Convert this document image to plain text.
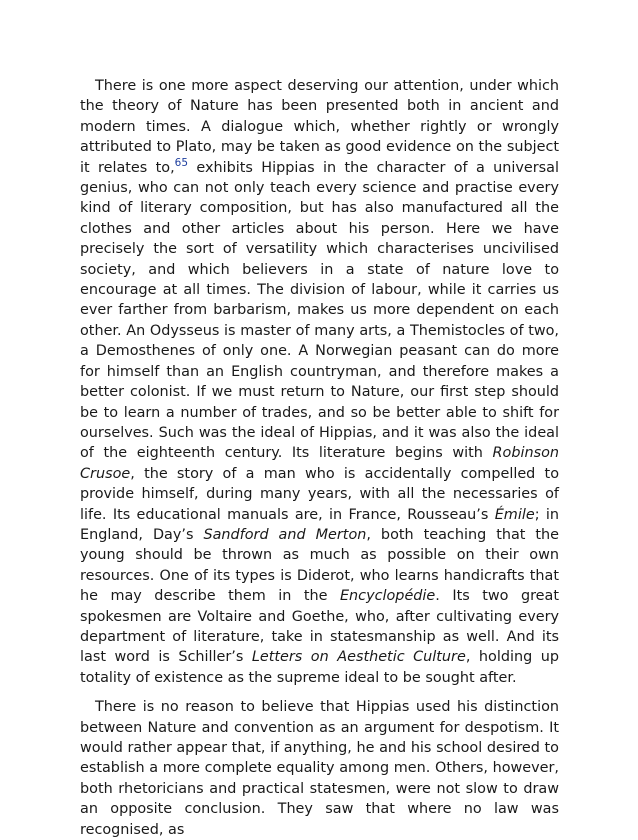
There is one more aspect deserving our attention, under which the theory of Nature has been presented both in ancient and modern times. A dialogue which, whether rightly or wrongly attributed to Plato, may be taken as good evidence on the subject it relates to,$^{65}$ exhibits Hippias in the character of a universal genius, who can not only teach every science and practise every kind of literary composition, but has also manufactured all the clothes and other articles about his person. Here we have precisely the sort of versatility which characterises uncivilised society, and which believers in a state of nature love to encourage at all times. The division of labour, while it carries us ever farther from barbarism, makes us more dependent on each other. An Odysseus is master of many arts, a Themistocles of two, a Demosthenes of only one. A Norwegian peasant can do more for himself than an English countryman, and therefore makes a better colonist. If we must return to Nature, our first step should be to learn a number of trades, and so be better able to shift for ourselves. Such was the ideal of Hippias, and it was also the ideal of the eighteenth century. Its literature begins with Robinson Crusoe, the story of a man who is accidentally compelled to provide himself, during many years, with all the necessaries of life. Its educational manuals are, in France, Rousseau’s Émile; in England, Day’s Sandford and Merton, both teaching that the young should be thrown as much as possible on their own resources. One of its types is Diderot, who learns handicrafts that he may describe them in the Encyclopédie. Its two great spokesmen are Voltaire and Goethe, who, after cultivating every department of literature, take in statesmanship as well. And its last word is Schiller’s Letters on Aesthetic Culture, holding up totality of existence as the supreme ideal to be sought after.

There is no reason to believe that Hippias used his distinction between Nature and convention as an argument for despotism. It would rather appear that, if anything, he and his school desired to establish a more complete equality among men. Others, however, both rhetoricians and practical statesmen, were not slow to draw an opposite conclusion. They saw that where no law was recognised, as
